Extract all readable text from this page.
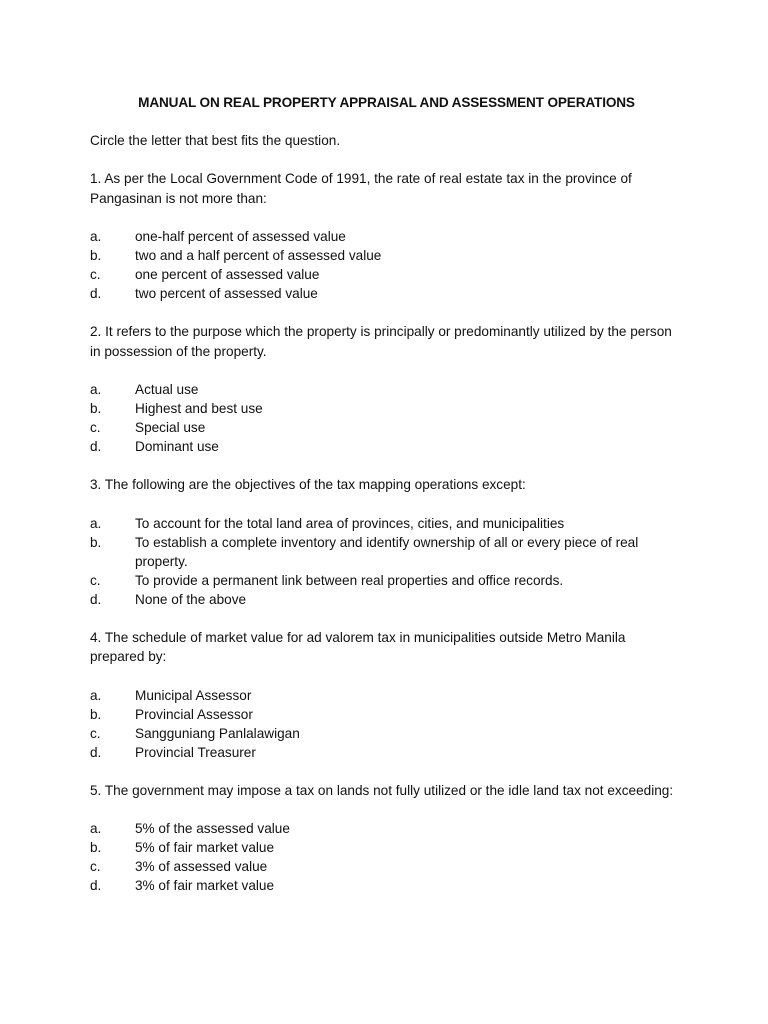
MANUAL ON REAL PROPERTY APPRAISAL AND ASSESSMENT OPERATIONS

Circle the letter that best fits the question.

1. As per the Local Government Code of 1991, the rate of real estate tax in the province of Pangasinan is not more than:

a.	one-half percent of assessed value
b.	two and a half percent of assessed value
c.	one percent of assessed value
d.	two percent of assessed value

2. It refers to the purpose which the property is principally or predominantly utilized by the person in possession of the property.

a.	Actual use
b.	Highest and best use
c.	Special use
d.	Dominant use

3. The following are the objectives of the tax mapping operations except:

a.	To account for the total land area of provinces, cities, and municipalities
b.	To establish a complete inventory and identify ownership of all or every piece of real property.
c.	To provide a permanent link between real properties and office records.
d.	None of the above

4. The schedule of market value for ad valorem tax in municipalities outside Metro Manila prepared by:

a.	Municipal Assessor
b.	Provincial Assessor
c.	Sangguniang Panlalawigan
d.	Provincial Treasurer

5. The government may impose a tax on lands not fully utilized or the idle land tax not exceeding:

a.	5% of the assessed value
b.	5% of fair market value
c.	3% of assessed value
d.	3% of fair market value
